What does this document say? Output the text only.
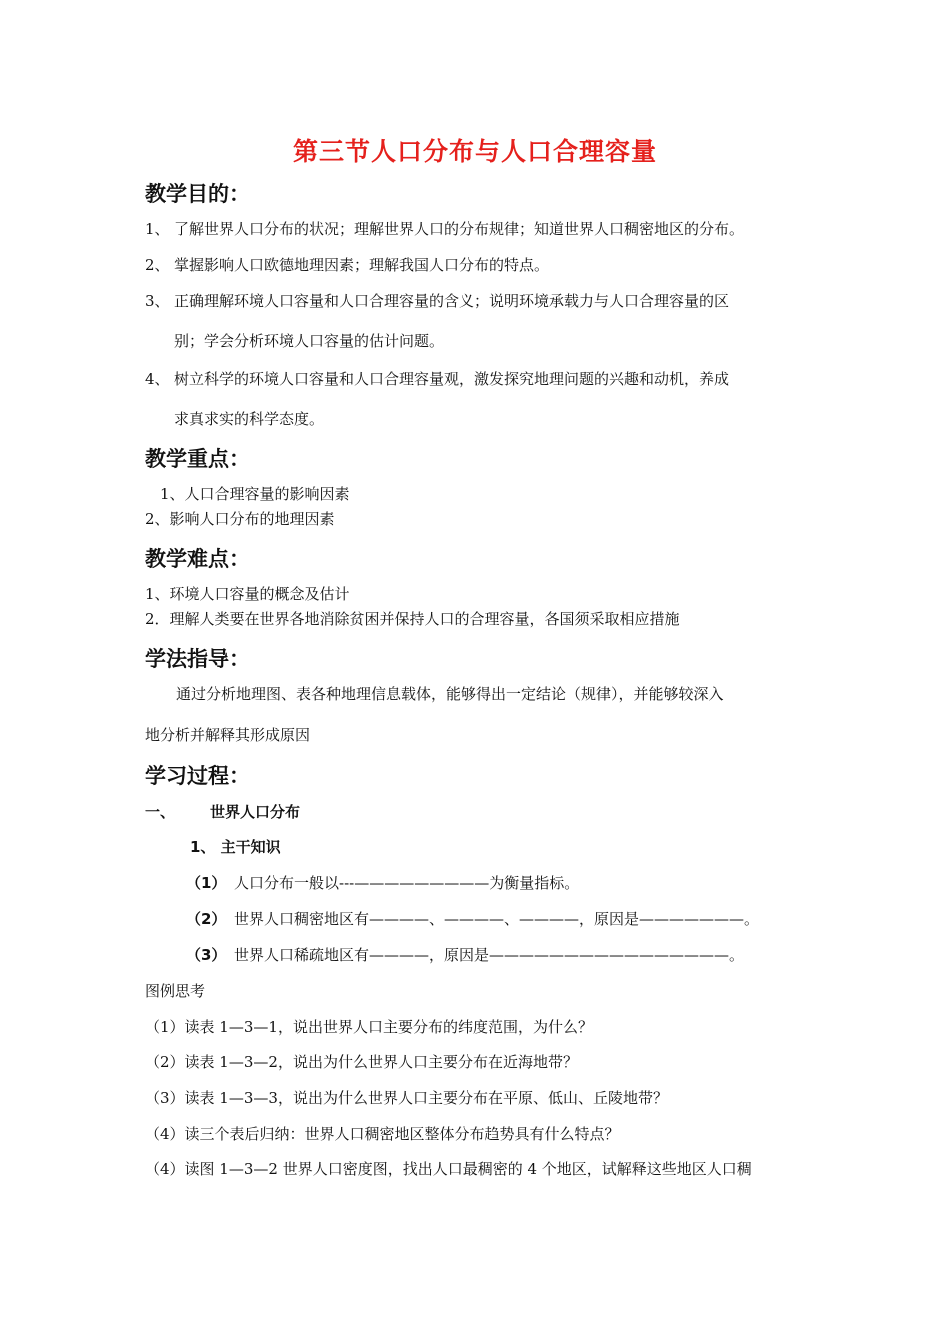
第三节人口分布与人口合理容量
教学目的：
1、 了解世界人口分布的状况；理解世界人口的分布规律；知道世界人口稠密地区的分布。
2、 掌握影响人口欧德地理因素；理解我国人口分布的特点。
3、 正确理解环境人口容量和人口合理容量的含义；说明环境承载力与人口合理容量的区
别；学会分析环境人口容量的估计问题。
4、 树立科学的环境人口容量和人口合理容量观，激发探究地理问题的兴趣和动机，养成
求真求实的科学态度。
教学重点：
1、人口合理容量的影响因素
2、影响人口分布的地理因素
教学难点：
1、环境人口容量的概念及估计
2．理解人类要在世界各地消除贫困并保持人口的合理容量，各国须采取相应措施
学法指导：
通过分析地理图、表各种地理信息载体，能够得出一定结论（规律），并能够较深入
地分析并解释其形成原因
学习过程：
一、 世界人口分布
1、 主干知识
（1） 人口分布一般以---—————————为衡量指标。
（2） 世界人口稠密地区有————、————、————，原因是———————。
（3） 世界人口稀疏地区有————，原因是————————————————。
图例思考
（1）读表 1—3—1，说出世界人口主要分布的纬度范围，为什么？
（2）读表 1—3—2，说出为什么世界人口主要分布在近海地带？
（3）读表 1—3—3，说出为什么世界人口主要分布在平原、低山、丘陵地带？
（4）读三个表后归纳：世界人口稠密地区整体分布趋势具有什么特点？
（4）读图 1—3—2 世界人口密度图，找出人口最稠密的 4 个地区，试解释这些地区人口稠
